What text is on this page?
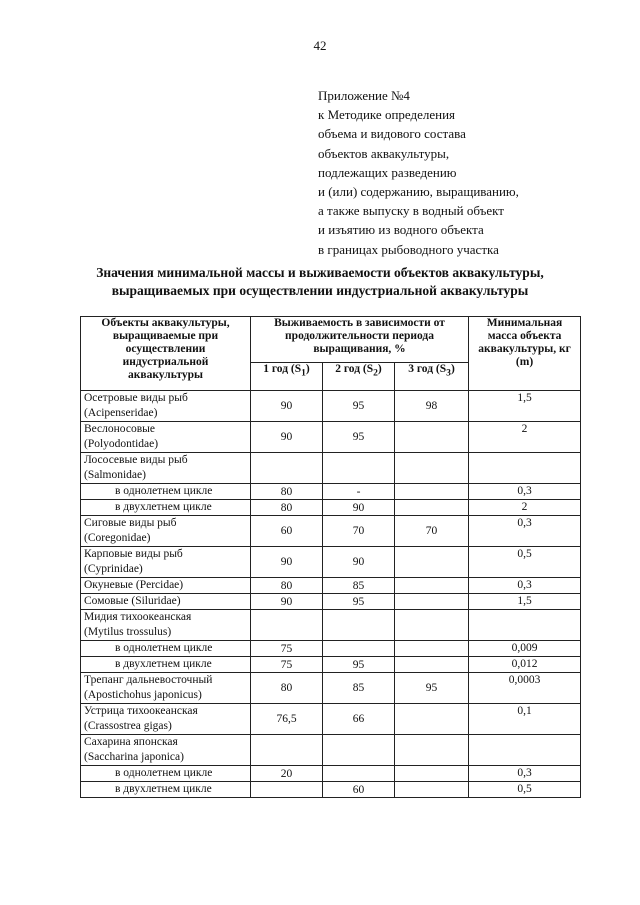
42
Приложение №4
к Методике определения
объема и видового состава
объектов аквакультуры,
подлежащих разведению
и (или) содержанию, выращиванию,
а также выпуску в водный объект
и изъятию из водного объекта
в границах рыбоводного участка
Значения минимальной массы и выживаемости объектов аквакультуры,
выращиваемых при осуществлении индустриальной аквакультуры
Объекты аквакультуры, выращиваемые при осуществлении индустриальной аквакультуры	Выживаемость в зависимости от продолжительности периода выращивания, %			Минимальная масса объекта аквакультуры, кг (m)
	1 год $(S_1)$	2 год $(S_2)$	3 год $(S_3)$	

Осетровые виды рыб
(Acipenseridae)	90	95	98	1,5

Веслоносовые
(Polyodontidae)	90	95		2

Лососевые виды рыб
(Salmonidae)				

в однолетнем цикле	80	-		0,3

в двухлетнем цикле	80	90		2

Сиговые виды рыб
(Coregonidae)	60	70	70	0,3

Карповые виды рыб
(Cyprinidae)	90	90		0,5

Окуневые (Percidae)	80	85		0,3

Сомовые (Siluridae)	90	95		1,5

Мидия тихоокеанская
(Mytilus trossulus)				

в однолетнем цикле	75			0,009

в двухлетнем цикле	75	95		0,012

Трепанг дальневосточный
(Apostichohus japonicus)	80	85	95	0,0003

Устрица тихоокеанская
(Crassostrea gigas)	76,5	66		0,1

Сахарина японская
(Saccharina japonica)				

в однолетнем цикле	20			0,3

в двухлетнем цикле		60		0,5
